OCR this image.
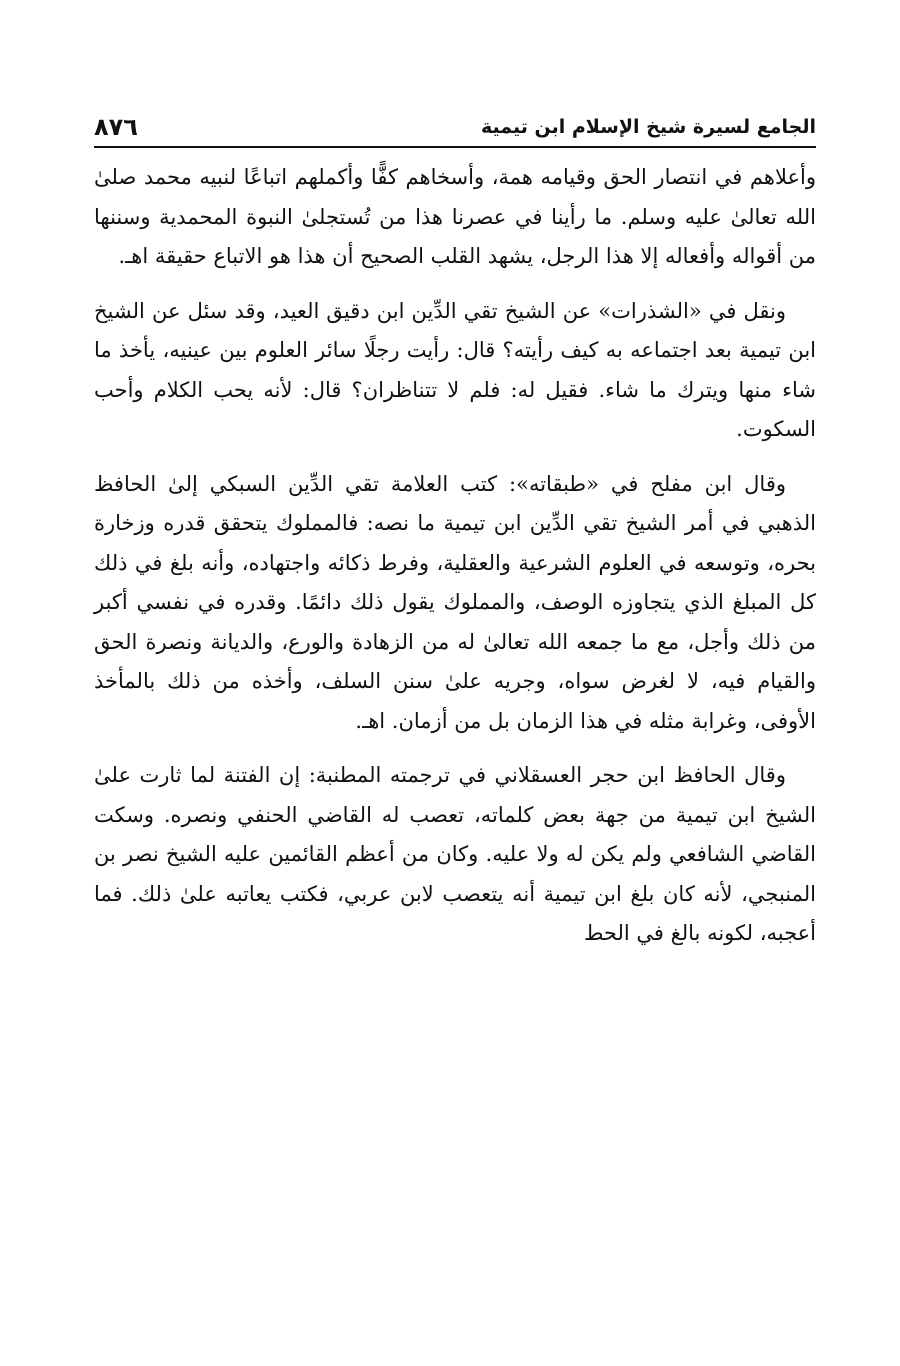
الجامع لسيرة شيخ الإسلام ابن تيمية
٨٧٦

وأعلاهم في انتصار الحق وقيامه همة، وأسخاهم كفًّا وأكملهم اتباعًا لنبيه محمد صلىٰ الله تعالىٰ عليه وسلم. ما رأينا في عصرنا هذا من تُستجلىٰ النبوة المحمدية وسننها من أقواله وأفعاله إلا هذا الرجل، يشهد القلب الصحيح أن هذا هو الاتباع حقيقة اهـ.

ونقل في «الشذرات» عن الشيخ تقي الدِّين ابن دقيق العيد، وقد سئل عن الشيخ ابن تيمية بعد اجتماعه به كيف رأيته؟ قال: رأيت رجلًا سائر العلوم بين عينيه، يأخذ ما شاء منها ويترك ما شاء. فقيل له: فلم لا تتناظران؟ قال: لأنه يحب الكلام وأحب السكوت.

وقال ابن مفلح في «طبقاته»: كتب العلامة تقي الدِّين السبكي إلىٰ الحافظ الذهبي في أمر الشيخ تقي الدِّين ابن تيمية ما نصه: فالمملوك يتحقق قدره وزخارة بحره، وتوسعه في العلوم الشرعية والعقلية، وفرط ذكائه واجتهاده، وأنه بلغ في ذلك كل المبلغ الذي يتجاوزه الوصف، والمملوك يقول ذلك دائمًا. وقدره في نفسي أكبر من ذلك وأجل، مع ما جمعه الله تعالىٰ له من الزهادة والورع، والديانة ونصرة الحق والقيام فيه، لا لغرض سواه، وجريه علىٰ سنن السلف، وأخذه من ذلك بالمأخذ الأوفى، وغرابة مثله في هذا الزمان بل من أزمان. اهـ.

وقال الحافظ ابن حجر العسقلاني في ترجمته المطنبة: إن الفتنة لما ثارت علىٰ الشيخ ابن تيمية من جهة بعض كلماته، تعصب له القاضي الحنفي ونصره. وسكت القاضي الشافعي ولم يكن له ولا عليه. وكان من أعظم القائمين عليه الشيخ نصر بن المنبجي، لأنه كان بلغ ابن تيمية أنه يتعصب لابن عربي، فكتب يعاتبه علىٰ ذلك. فما أعجبه، لكونه بالغ في الحط
